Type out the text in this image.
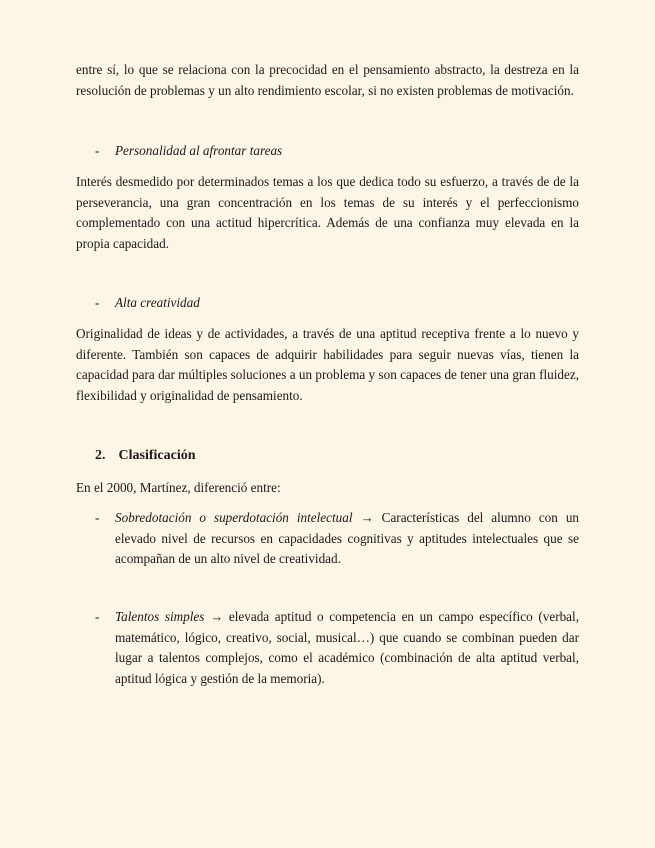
entre sí, lo que se relaciona con la precocidad en el pensamiento abstracto, la destreza en la resolución de problemas y un alto rendimiento escolar, si no existen problemas de motivación.

- Personalidad al afrontar tareas

Interés desmedido por determinados temas a los que dedica todo su esfuerzo, a través de de la perseverancia, una gran concentración en los temas de su interés y el perfeccionismo complementado con una actitud hipercrítica. Además de una confianza muy elevada en la propia capacidad.

- Alta creatividad

Originalidad de ideas y de actividades, a través de una aptitud receptiva frente a lo nuevo y diferente. También son capaces de adquirir habilidades para seguir nuevas vías, tienen la capacidad para dar múltiples soluciones a un problema y son capaces de tener una gran fluidez, flexibilidad y originalidad de pensamiento.

2. Clasificación

En el 2000, Martínez, diferenció entre:

- Sobredotación o superdotación intelectual → Características del alumno con un elevado nivel de recursos en capacidades cognitivas y aptitudes intelectuales que se acompañan de un alto nivel de creatividad.
- Talentos simples → elevada aptitud o competencia en un campo específico (verbal, matemático, lógico, creativo, social, musical…) que cuando se combinan pueden dar lugar a talentos complejos, como el académico (combinación de alta aptitud verbal, aptitud lógica y gestión de la memoria).
